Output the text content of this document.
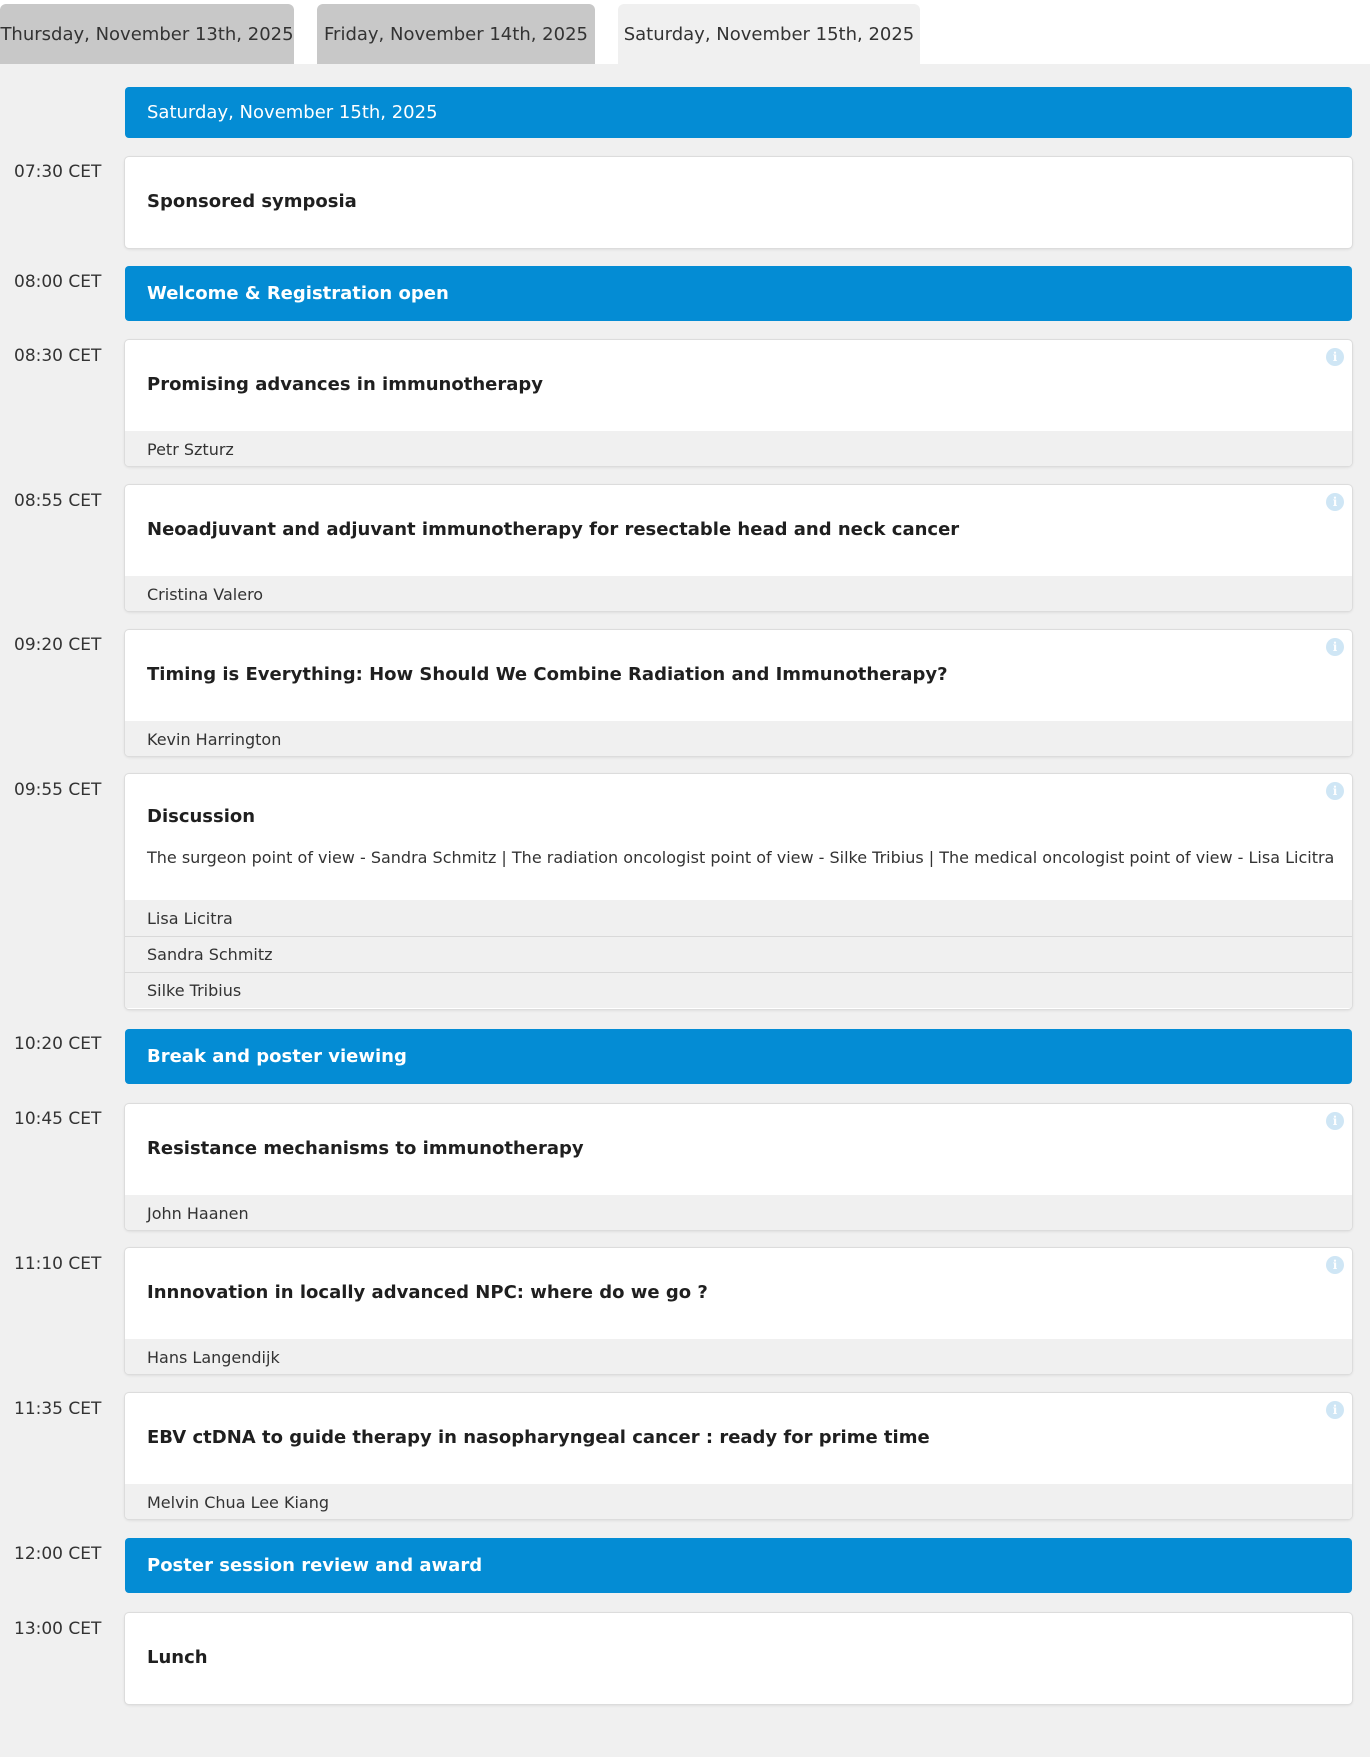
Thursday, November 13th, 2025	Friday, November 14th, 2025	Saturday, November 15th, 2025
Saturday, November 15th, 2025
07:30 CET
Sponsored symposia
08:00 CET
Welcome & Registration open
08:30 CET	i
Promising advances in immunotherapy
Petr Szturz
08:55 CET	i
Neoadjuvant and adjuvant immunotherapy for resectable head and neck cancer
Cristina Valero
09:20 CET	i
Timing is Everything: How Should We Combine Radiation and Immunotherapy?
Kevin Harrington
09:55 CET	i
Discussion
The surgeon point of view - Sandra Schmitz | The radiation oncologist point of view - Silke Tribius | The medical oncologist point of view - Lisa Licitra
Lisa Licitra
Sandra Schmitz
Silke Tribius
10:20 CET
Break and poster viewing
10:45 CET	i
Resistance mechanisms to immunotherapy
John Haanen
11:10 CET	i
Innnovation in locally advanced NPC: where do we go ?
Hans Langendijk
11:35 CET	i
EBV ctDNA to guide therapy in nasopharyngeal cancer : ready for prime time
Melvin Chua Lee Kiang
12:00 CET
Poster session review and award
13:00 CET
Lunch
